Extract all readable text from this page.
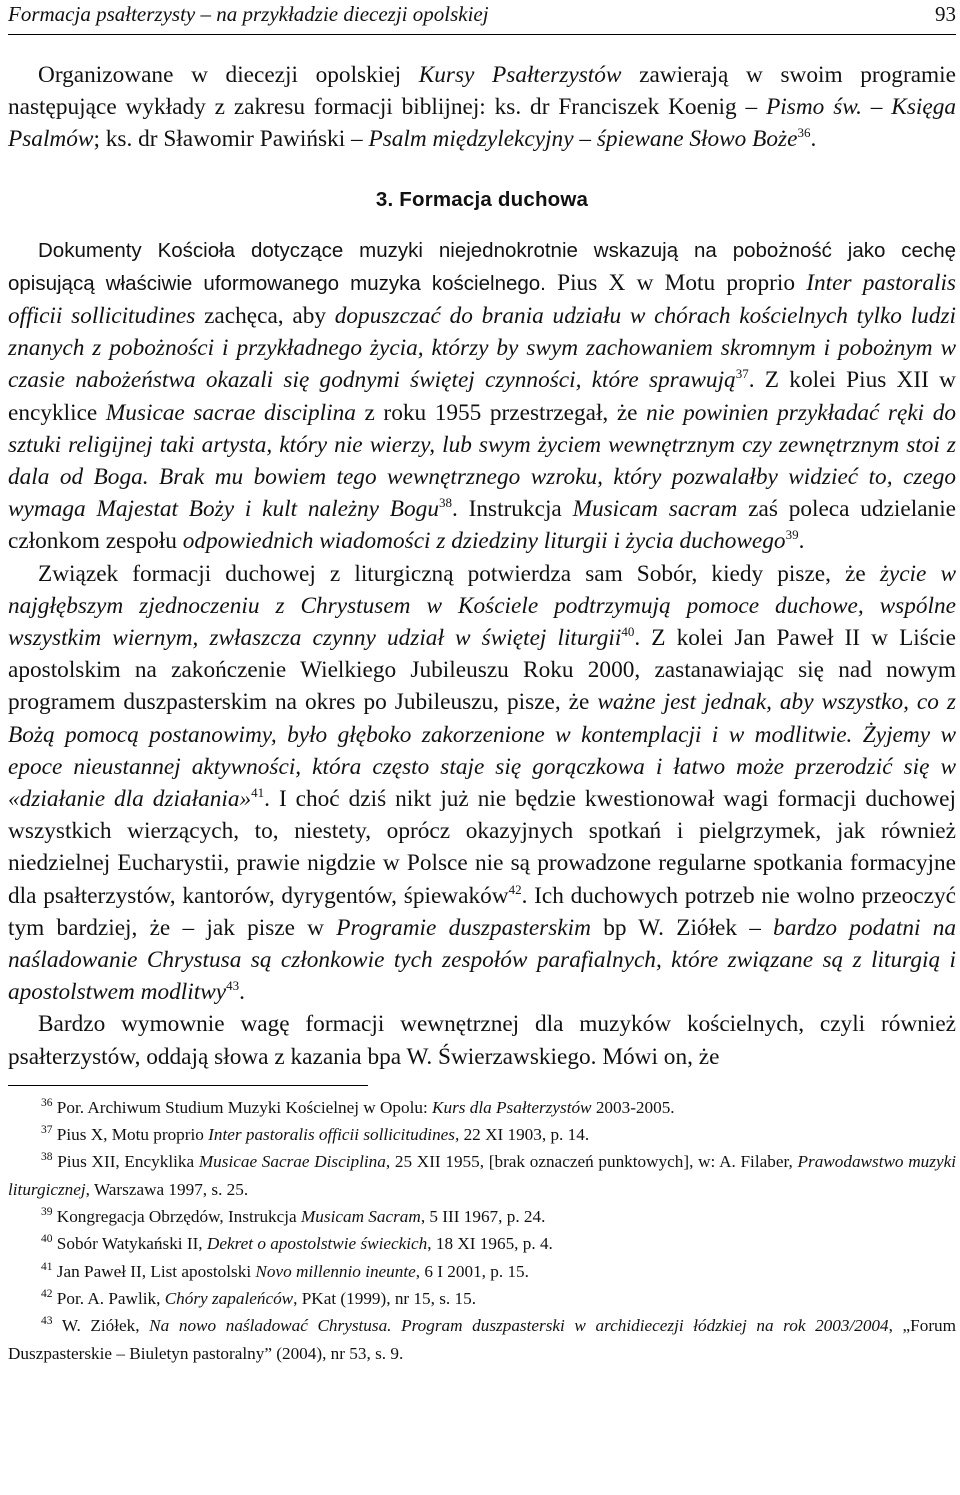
Formacja psałterzysty – na przykładzie diecezji opolskiej	93

Organizowane w diecezji opolskiej Kursy Psałterzystów zawierają w swoim programie następujące wykłady z zakresu formacji biblijnej: ks. dr Franciszek Koenig – Pismo św. – Księga Psalmów; ks. dr Sławomir Pawiński – Psalm międzylekcyjny – śpiewane Słowo Boże$^{36}$.

3. Formacja duchowa

Dokumenty Kościoła dotyczące muzyki niejednokrotnie wskazują na pobożność jako cechę opisującą właściwie uformowanego muzyka kościelnego. Pius X w Motu proprio Inter pastoralis officii sollicitudines zachęca, aby dopuszczać do brania udziału w chórach kościelnych tylko ludzi znanych z pobożności i przykładnego życia, którzy by swym zachowaniem skromnym i pobożnym w czasie nabożeństwa okazali się godnymi świętej czynności, które sprawują$^{37}$. Z kolei Pius XII w encyklice Musicae sacrae disciplina z roku 1955 przestrzegał, że nie powinien przykładać ręki do sztuki religijnej taki artysta, który nie wierzy, lub swym życiem wewnętrznym czy zewnętrznym stoi z dala od Boga. Brak mu bowiem tego wewnętrznego wzroku, który pozwalałby widzieć to, czego wymaga Majestat Boży i kult należny Bogu$^{38}$. Instrukcja Musicam sacram zaś poleca udzielanie członkom zespołu odpowiednich wiadomości z dziedziny liturgii i życia duchowego$^{39}$.

Związek formacji duchowej z liturgiczną potwierdza sam Sobór, kiedy pisze, że życie w najgłębszym zjednoczeniu z Chrystusem w Kościele podtrzymują pomoce duchowe, wspólne wszystkim wiernym, zwłaszcza czynny udział w świętej liturgii$^{40}$. Z kolei Jan Paweł II w Liście apostolskim na zakończenie Wielkiego Jubileuszu Roku 2000, zastanawiając się nad nowym programem duszpasterskim na okres po Jubileuszu, pisze, że ważne jest jednak, aby wszystko, co z Bożą pomocą postanowimy, było głęboko zakorzenione w kontemplacji i w modlitwie. Żyjemy w epoce nieustannej aktywności, która często staje się gorączkowa i łatwo może przerodzić się w «działanie dla działania»$^{41}$. I choć dziś nikt już nie będzie kwestionował wagi formacji duchowej wszystkich wierzących, to, niestety, oprócz okazyjnych spotkań i pielgrzymek, jak również niedzielnej Eucharystii, prawie nigdzie w Polsce nie są prowadzone regularne spotkania formacyjne dla psałterzystów, kantorów, dyrygentów, śpiewaków$^{42}$. Ich duchowych potrzeb nie wolno przeoczyć tym bardziej, że – jak pisze w Programie duszpasterskim bp W. Ziółek – bardzo podatni na naśladowanie Chrystusa są członkowie tych zespołów parafialnych, które związane są z liturgią i apostolstwem modlitwy$^{43}$.

Bardzo wymownie wagę formacji wewnętrznej dla muzyków kościelnych, czyli również psałterzystów, oddają słowa z kazania bpa W. Świerzawskiego. Mówi on, że

$^{36}$ Por. Archiwum Studium Muzyki Kościelnej w Opolu: Kurs dla Psałterzystów 2003-2005.

$^{37}$ Pius X, Motu proprio Inter pastoralis officii sollicitudines, 22 XI 1903, p. 14.

$^{38}$ Pius XII, Encyklika Musicae Sacrae Disciplina, 25 XII 1955, [brak oznaczeń punktowych], w: A. Filaber, Prawodawstwo muzyki liturgicznej, Warszawa 1997, s. 25.

$^{39}$ Kongregacja Obrzędów, Instrukcja Musicam Sacram, 5 III 1967, p. 24.

$^{40}$ Sobór Watykański II, Dekret o apostolstwie świeckich, 18 XI 1965, p. 4.

$^{41}$ Jan Paweł II, List apostolski Novo millennio ineunte, 6 I 2001, p. 15.

$^{42}$ Por. A. Pawlik, Chóry zapaleńców, PKat (1999), nr 15, s. 15.

$^{43}$ W. Ziółek, Na nowo naśladować Chrystusa. Program duszpasterski w archidiecezji łódzkiej na rok 2003/2004, „Forum Duszpasterskie – Biuletyn pastoralny” (2004), nr 53, s. 9.
